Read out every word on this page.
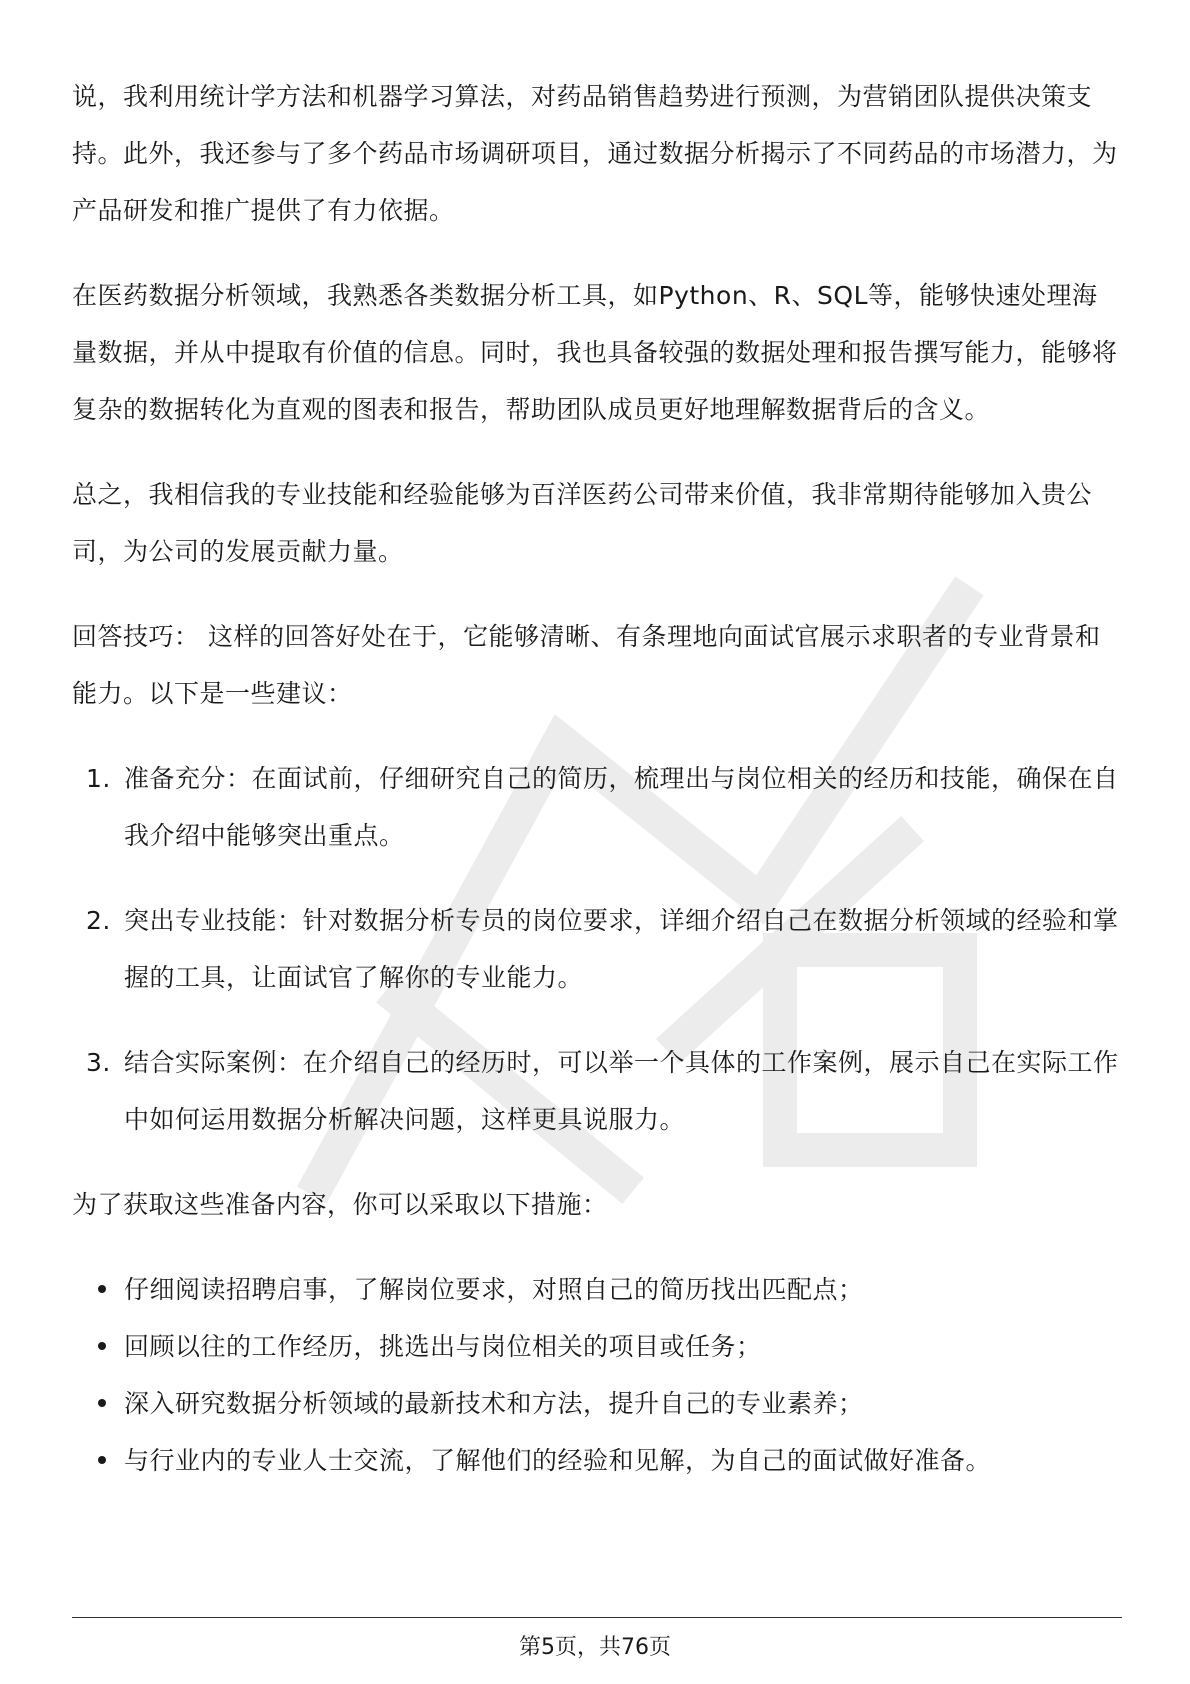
说，我利用统计学方法和机器学习算法，对药品销售趋势进行预测，为营销团队提供决策支持。此外，我还参与了多个药品市场调研项目，通过数据分析揭示了不同药品的市场潜力，为产品研发和推广提供了有力依据。

在医药数据分析领域，我熟悉各类数据分析工具，如Python、R、SQL等，能够快速处理海量数据，并从中提取有价值的信息。同时，我也具备较强的数据处理和报告撰写能力，能够将复杂的数据转化为直观的图表和报告，帮助团队成员更好地理解数据背后的含义。

总之，我相信我的专业技能和经验能够为百洋医药公司带来价值，我非常期待能够加入贵公司，为公司的发展贡献力量。

回答技巧： 这样的回答好处在于，它能够清晰、有条理地向面试官展示求职者的专业背景和能力。以下是一些建议：

1. 准备充分：在面试前，仔细研究自己的简历，梳理出与岗位相关的经历和技能，确保在自我介绍中能够突出重点。
2. 突出专业技能：针对数据分析专员的岗位要求，详细介绍自己在数据分析领域的经验和掌握的工具，让面试官了解你的专业能力。
3. 结合实际案例：在介绍自己的经历时，可以举一个具体的工作案例，展示自己在实际工作中如何运用数据分析解决问题，这样更具说服力。

为了获取这些准备内容，你可以采取以下措施：

仔细阅读招聘启事，了解岗位要求，对照自己的简历找出匹配点；
回顾以往的工作经历，挑选出与岗位相关的项目或任务；
深入研究数据分析领域的最新技术和方法，提升自己的专业素养；
与行业内的专业人士交流，了解他们的经验和见解，为自己的面试做好准备。
第5页，共76页
